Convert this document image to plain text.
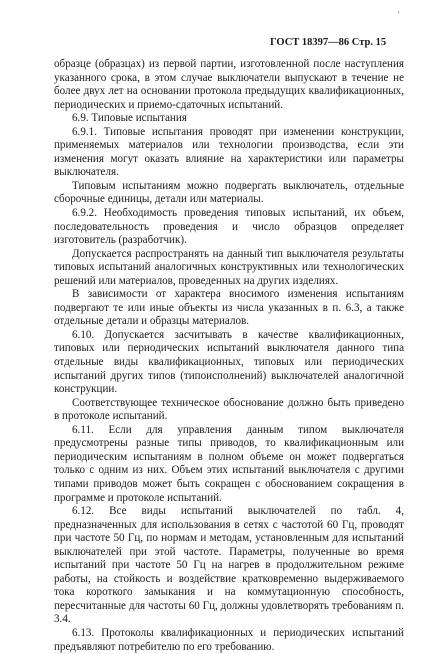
'
ГОСТ 18397—86 Стр. 15

образце (образцах) из первой партии, изготовленной после наступления указанного срока, в этом случае выключатели выпускают в течение не более двух лет на основании протокола предыдущих квалификационных, периодических и приемо-сдаточных испытаний.

6.9. Типовые испытания

6.9.1. Типовые испытания проводят при изменении конструкции, применяемых материалов или технологии производства, если эти изменения могут оказать влияние на характеристики или параметры выключателя.

Типовым испытаниям можно подвергать выключатель, отдельные сборочные единицы, детали или материалы.

6.9.2. Необходимость проведения типовых испытаний, их объем, последовательность проведения и число образцов определяет изготовитель (разработчик).

Допускается распространять на данный тип выключателя результаты типовых испытаний аналогичных конструктивных или технологических решений или материалов, проведенных на других изделиях.

В зависимости от характера вносимого изменения испытаниям подвергают те или иные объекты из числа указанных в п. 6.3, а также отдельные детали и образцы материалов.

6.10. Допускается засчитывать в качестве квалификационных, типовых или периодических испытаний выключателя данного типа отдельные виды квалификационных, типовых или периодических испытаний других типов (типоисполнений) выключателей аналогичной конструкции.

Соответствующее техническое обоснование должно быть приведено в протоколе испытаний.

6.11. Если для управления данным типом выключателя предусмотрены разные типы приводов, то квалификационным или периодическим испытаниям в полном объеме он может подвергаться только с одним из них. Объем этих испытаний выключателя с другими типами приводов может быть сокращен с обоснованием сокращения в программе и протоколе испытаний.

6.12. Все виды испытаний выключателей по табл. 4, предназначенных для использования в сетях с частотой 60 Гц, проводят при частоте 50 Гц, по нормам и методам, установленным для испытаний выключателей при этой частоте. Параметры, полученные во время испытаний при частоте 50 Гц на нагрев в продолжительном режиме работы, на стойкость и воздействие кратковременно выдерживаемого тока короткого замыкания и на коммутационную способность, пересчитанные для частоты 60 Гц, должны удовлетворять требованиям п. 3.4.

6.13. Протоколы квалификационных и периодических испытаний предъявляют потребителю по его требованию.
